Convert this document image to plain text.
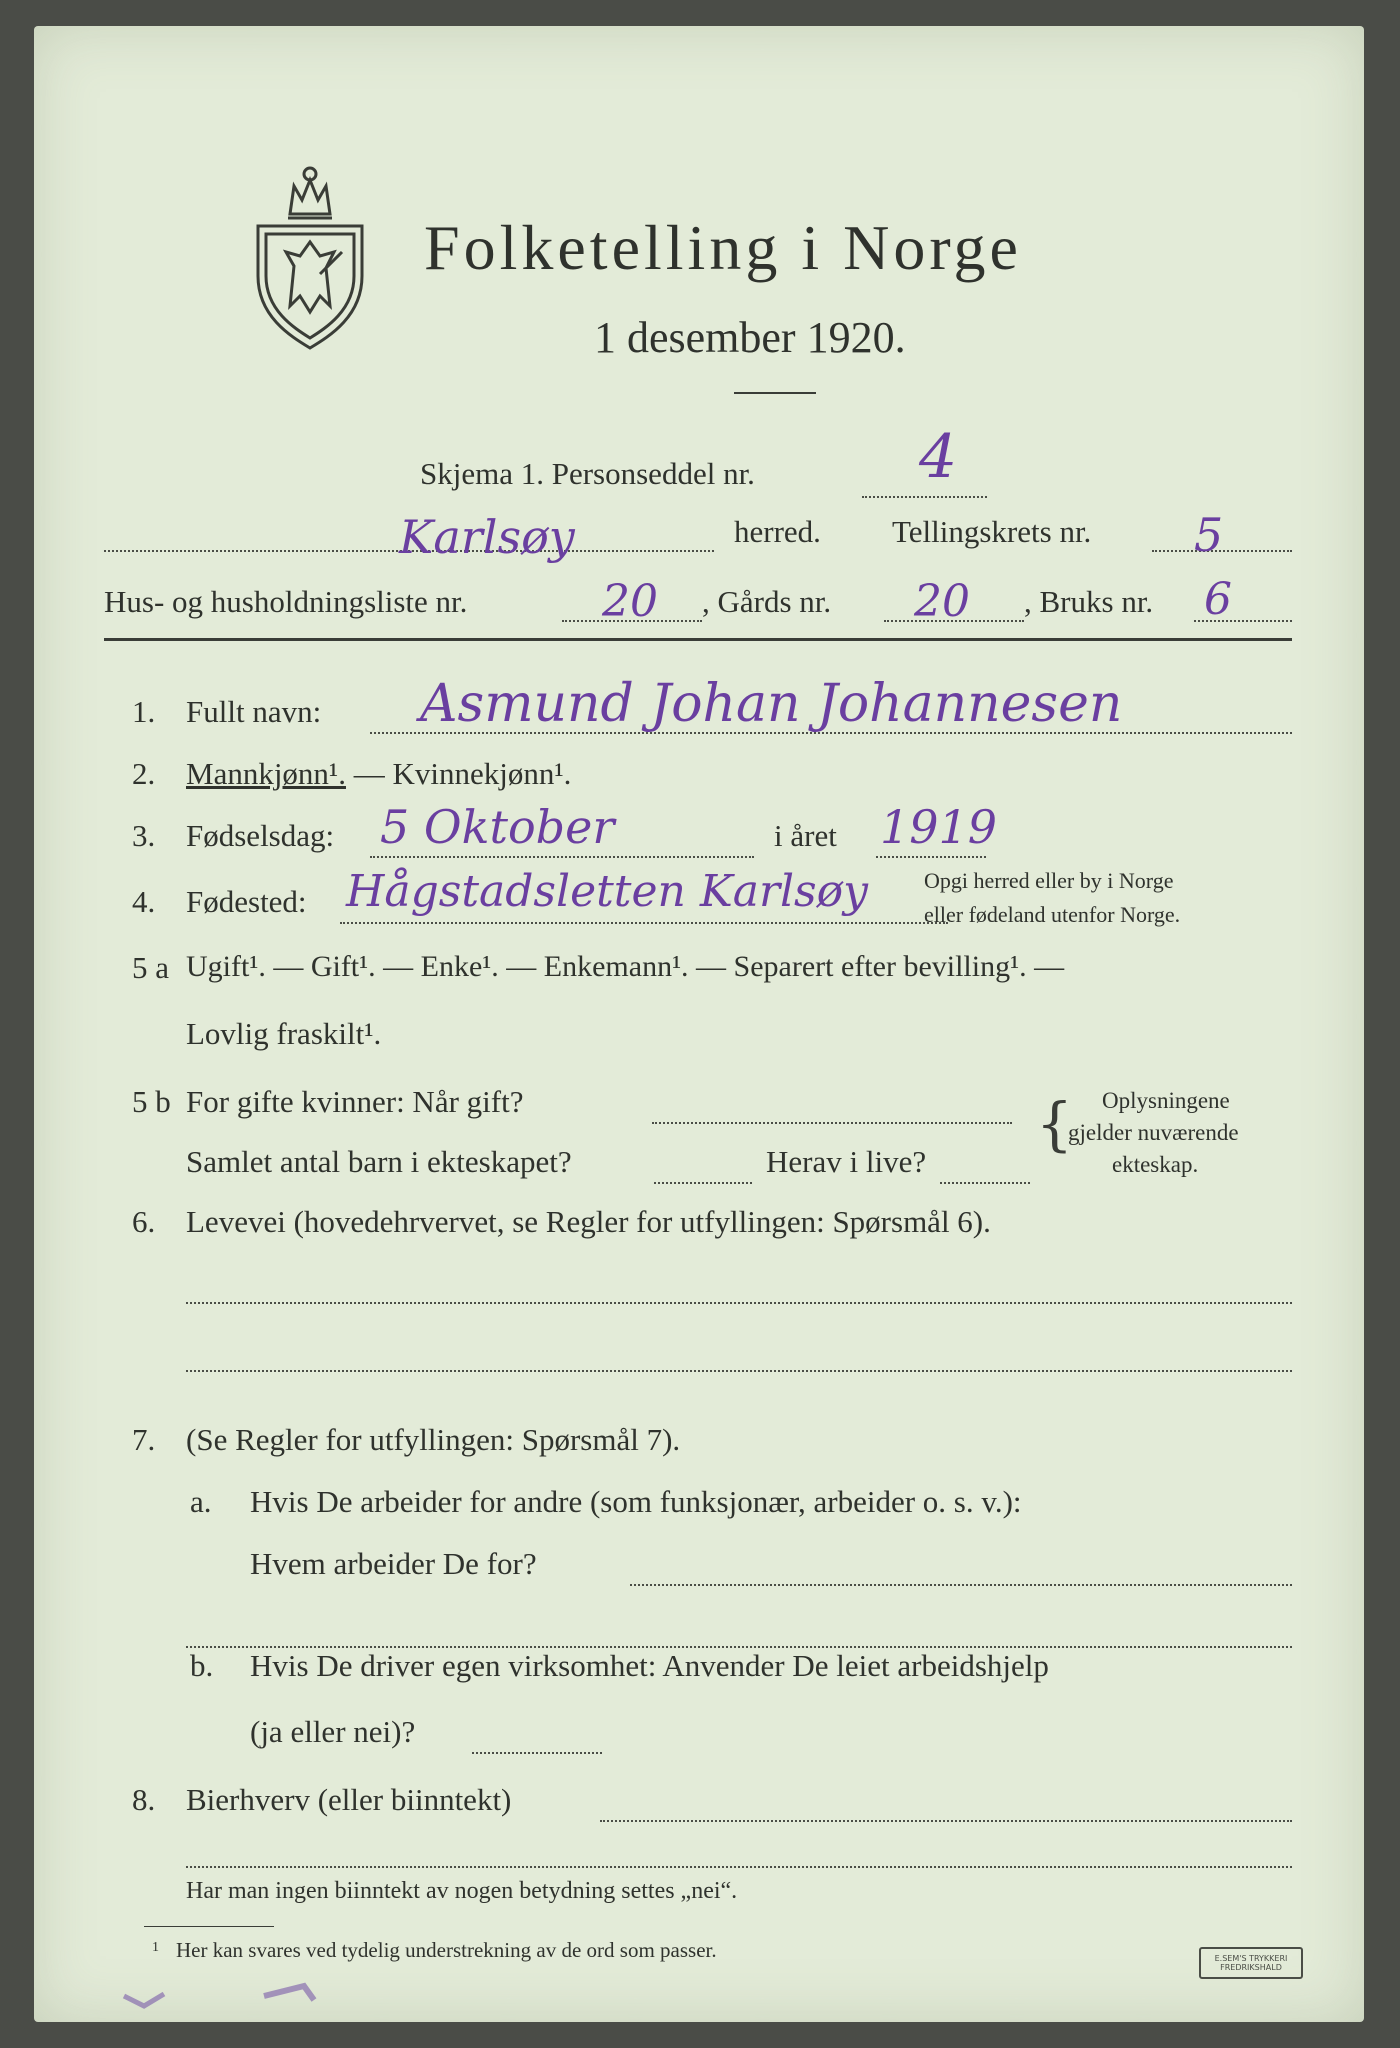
Folketelling i Norge
1 desember 1920.
Skjema 1. Personseddel nr.	4
Karlsøy	herred. Tellingskrets nr. 5
Hus- og husholdningsliste nr.	20 , Gårds nr. 20 , Bruks nr. 6
1. Fullt navn: Asmund Johan Johannesen
2. Mannkjønn¹. — Kvinnekjønn¹.
3. Fødselsdag: 5 Oktober	i året 1919
4. Fødested: Hågstadsletten Karlsøy	Opgi herred eller by i Norge
eller fødeland utenfor Norge.
5 a Ugift¹. — Gift¹. — Enke¹. — Enkemann¹. — Separert efter bevilling¹. —
Lovlig fraskilt¹.
5 b For gifte kvinner: Når gift?
Samlet antal barn i ekteskapet?	Herav i live?
{ Oplysningene
gjelder nuværende
ekteskap.
6. Levevei (hovedehrvervet, se Regler for utfyllingen: Spørsmål 6).
7. (Se Regler for utfyllingen: Spørsmål 7).
a. Hvis De arbeider for andre (som funksjonær, arbeider o. s. v.):
Hvem arbeider De for?
b. Hvis De driver egen virksomhet: Anvender De leiet arbeidshjelp
(ja eller nei)?
8. Bierhverv (eller biinntekt)
Har man ingen biinntekt av nogen betydning settes „nei“.
1 Her kan svares ved tydelig understrekning av de ord som passer.	E.SEM'S TRYKKERI FREDRIKSHALD
